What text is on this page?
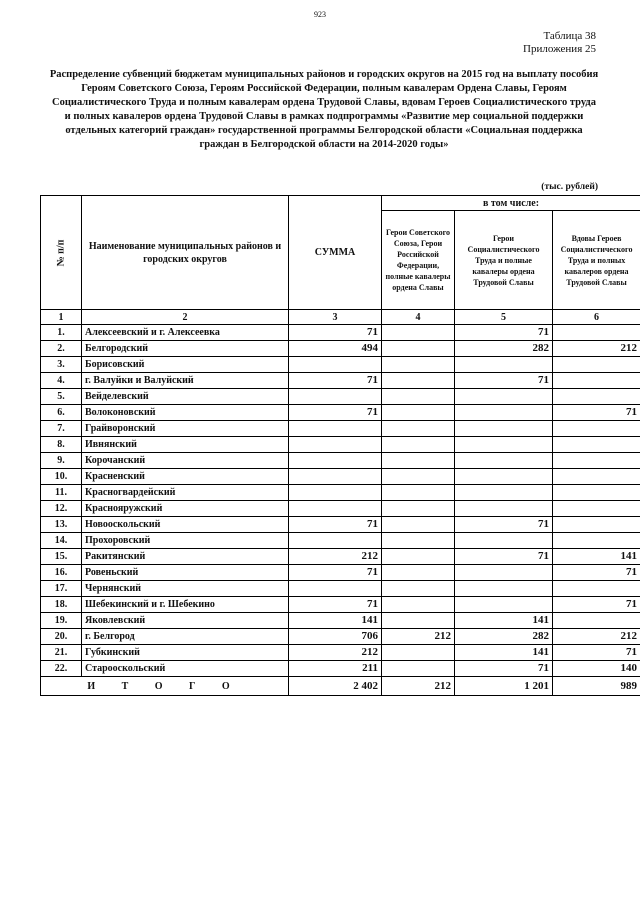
923
Таблица 38
Приложения 25
Распределение субвенций бюджетам муниципальных районов и городских округов на 2015 год на выплату пособия Героям Советского Союза, Героям Российской Федерации, полным кавалерам Ордена Славы, Героям Социалистического Труда и полным кавалерам ордена Трудовой Славы, вдовам Героев Социалистического труда и полных кавалеров ордена Трудовой Славы в рамках подпрограммы «Развитие мер социальной поддержки отдельных категорий граждан» государственной программы Белгородской области «Социальная поддержка граждан в Белгородской области на 2014-2020 годы»
(тыс. рублей)
№ п/п	Наименование муниципальных районов и городских округов	СУММА	в том числе:		
			Герои Советского Союза, Герои Российской Федерации, полные кавалеры ордена Славы	Герои Социалистического Труда и полные кавалеры ордена Трудовой Славы	Вдовы Героев Социалистического Труда и полных кавалеров ордена Трудовой Славы
1	2	3	4	5	6
1.	Алексеевский и г. Алексеевка	71		71	
2.	Белгородский	494		282	212
3.	Борисовский				
4.	г. Валуйки и Валуйский	71		71	
5.	Вейделевский				
6.	Волоконовский	71			71
7.	Грайворонский				
8.	Ивнянский				
9.	Корочанский				
10.	Красненский				
11.	Красногвардейский				
12.	Краснояружский				
13.	Новооскольский	71		71	
14.	Прохоровский				
15.	Ракитянский	212		71	141
16.	Ровеньский	71			71
17.	Чернянский				
18.	Шебекинский и г. Шебекино	71			71
19.	Яковлевский	141		141	
20.	г. Белгород	706	212	282	212
21.	Губкинский	212		141	71
22.	Старооскольский	211		71	140
И Т О Г О		2 402	212	1 201	989
